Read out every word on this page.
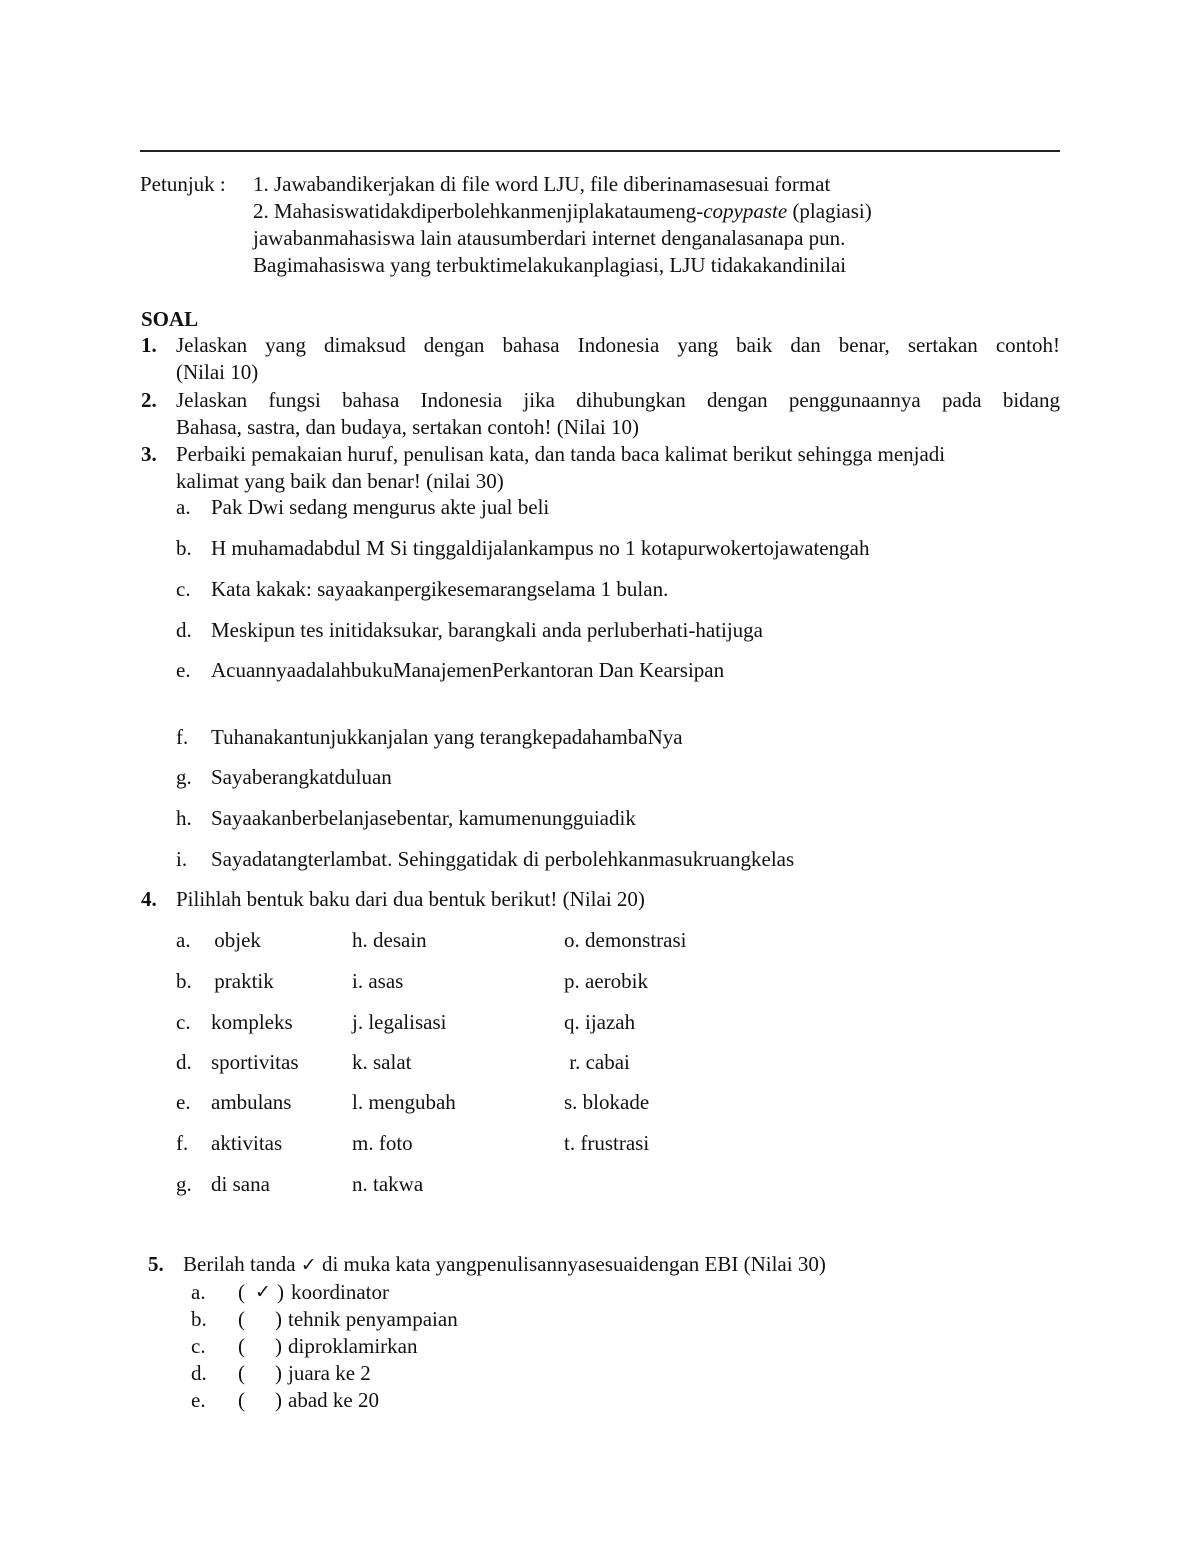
Petunjuk : 1. Jawabandikerjakan di file word LJU, file diberinamasesuai format
2. Mahasiswatidakdiperbolehkanmenjiplakataumeng-copypaste (plagiasi)
jawabanmahasiswa lain atausumberdari internet denganalasanapa pun.
Bagimahasiswa yang terbuktimelakukanplagiasi, LJU tidakakandinilai
SOAL
1. Jelaskan yang dimaksud dengan bahasa Indonesia yang baik dan benar, sertakan contoh!
(Nilai 10)
2. Jelaskan fungsi bahasa Indonesia jika dihubungkan dengan penggunaannya pada bidang
Bahasa, sastra, dan budaya, sertakan contoh! (Nilai 10)
3. Perbaiki pemakaian huruf, penulisan kata, dan tanda baca kalimat berikut sehingga menjadi
kalimat yang baik dan benar! (nilai 30)
a. Pak Dwi sedang mengurus akte jual beli
b. H muhamadabdul M Si tinggaldijalankampus no 1 kotapurwokertojawatengah
c. Kata kakak: sayaakanpergikesemarangselama 1 bulan.
d. Meskipun tes initidaksukar, barangkali anda perluberhati-hatijuga
e. AcuannyaadalahbukuManajemenPerkantoran Dan Kearsipan
f. Tuhanakantunjukkanjalan yang terangkepadahambaNya
g. Sayaberangkatduluan
h. Sayaakanberbelanjasebentar, kamumenungguiadik
i. Sayadatangterlambat. Sehinggatidak di perbolehkanmasukruangkelas
4. Pilihlah bentuk baku dari dua bentuk berikut! (Nilai 20)
a. objek
b. praktik
c. kompleks
d. sportivitas
e. ambulans
f. aktivitas
g. di sana
h. desain
i. asas
j. legalisasi
k. salat
l. mengubah
m. foto
n. takwa
o. demonstrasi
p. aerobik
q. ijazah
r. cabai
s. blokade
t. frustrasi
5. Berilah tanda ✓ di muka kata yangpenulisannyasesuaidengan EBI (Nilai 30)
a. ( ✓ ) koordinator
b. ( ) tehnik penyampaian
c. ( ) diproklamirkan
d. ( ) juara ke 2
e. ( ) abad ke 20
